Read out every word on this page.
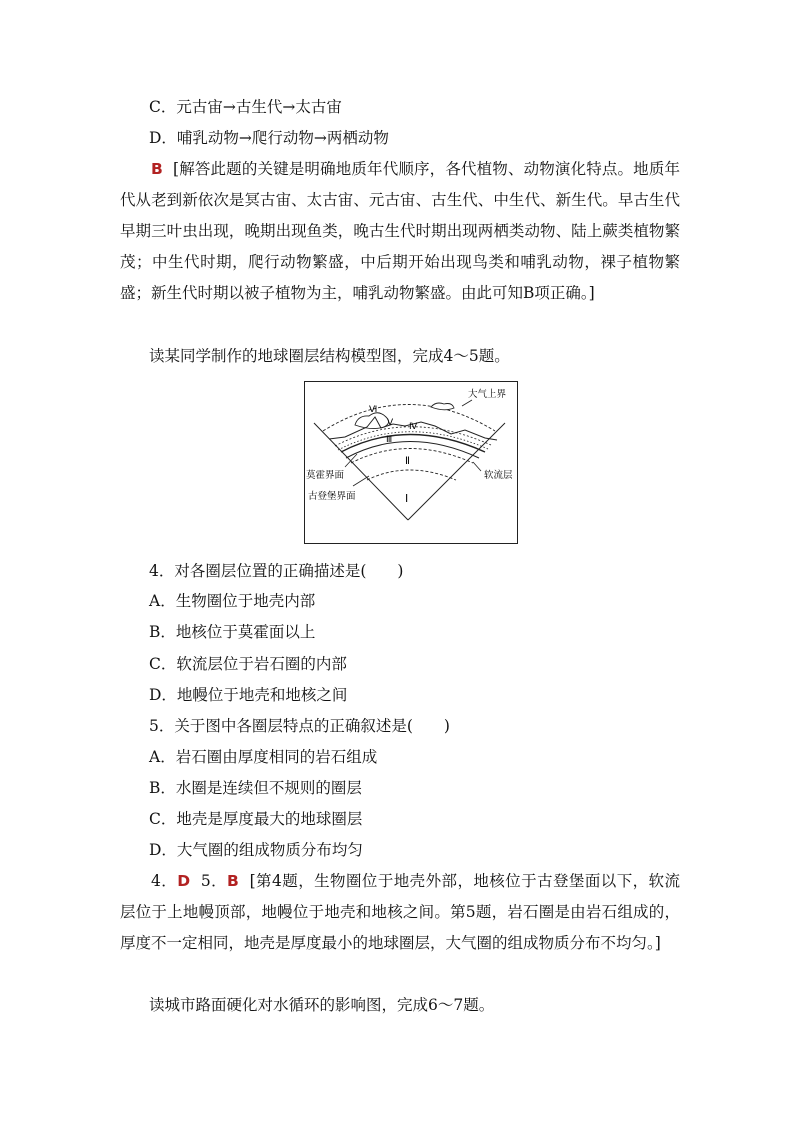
C．元古宙→古生代→太古宙
D．哺乳动物→爬行动物→两栖动物
B [解答此题的关键是明确地质年代顺序，各代植物、动物演化特点。地质年代从老到新依次是冥古宙、太古宙、元古宙、古生代、中生代、新生代。早古生代早期三叶虫出现，晚期出现鱼类，晚古生代时期出现两栖类动物、陆上蕨类植物繁茂；中生代时期，爬行动物繁盛，中后期开始出现鸟类和哺乳动物，裸子植物繁盛；新生代时期以被子植物为主，哺乳动物繁盛。由此可知B项正确。]
读某同学制作的地球圈层结构模型图，完成4～5题。
大气上界
莫霍界面
古登堡界面
软流层
Ⅰ
Ⅱ
Ⅲ
Ⅳ
Ⅴ
Ⅵ
4．对各圈层位置的正确描述是(　　)
A．生物圈位于地壳内部
B．地核位于莫霍面以上
C．软流层位于岩石圈的内部
D．地幔位于地壳和地核之间
5．关于图中各圈层特点的正确叙述是(　　)
A．岩石圈由厚度相同的岩石组成
B．水圈是连续但不规则的圈层
C．地壳是厚度最大的地球圈层
D．大气圈的组成物质分布均匀
4．D 5．B [第4题，生物圈位于地壳外部，地核位于古登堡面以下，软流层位于上地幔顶部，地幔位于地壳和地核之间。第5题，岩石圈是由岩石组成的，厚度不一定相同，地壳是厚度最小的地球圈层，大气圈的组成物质分布不均匀。]
读城市路面硬化对水循环的影响图，完成6～7题。
